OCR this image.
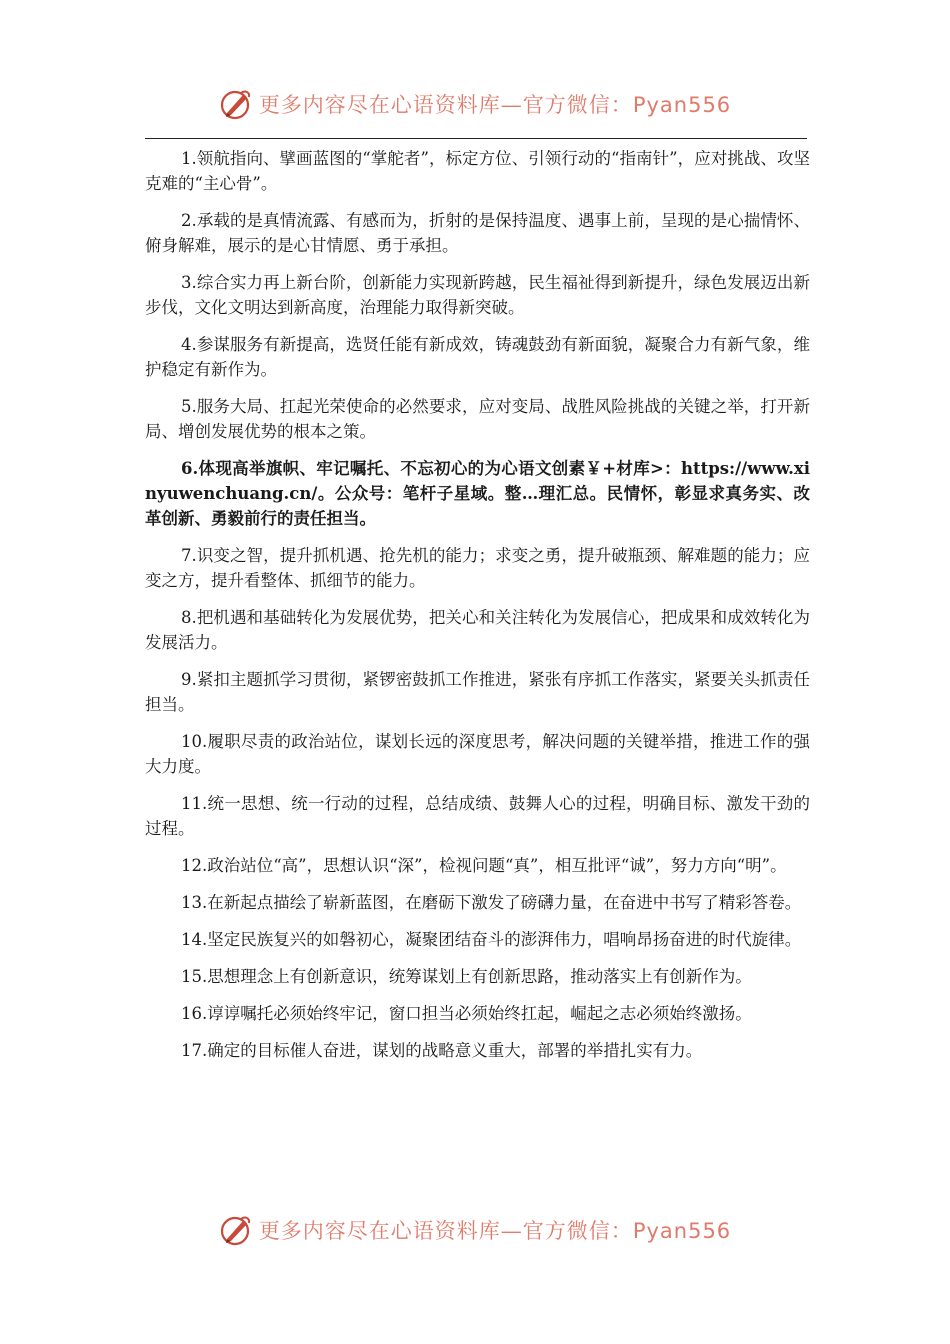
更多内容尽在心语资料库—官方微信：Pyan556

1.领航指向、擘画蓝图的“掌舵者”，标定方位、引领行动的“指南针”，应对挑战、攻坚克难的“主心骨”。

2.承载的是真情流露、有感而为，折射的是保持温度、遇事上前，呈现的是心揣情怀、俯身解难，展示的是心甘情愿、勇于承担。

3.综合实力再上新台阶，创新能力实现新跨越，民生福祉得到新提升，绿色发展迈出新步伐，文化文明达到新高度，治理能力取得新突破。

4.参谋服务有新提高，选贤任能有新成效，铸魂鼓劲有新面貌，凝聚合力有新气象，维护稳定有新作为。

5.服务大局、扛起光荣使命的必然要求，应对变局、战胜风险挑战的关键之举，打开新局、增创发展优势的根本之策。

6.体现高举旗帜、牢记嘱托、不忘初心的为心语文创素￥+材库>：https://www.xinyuwenchuang.cn/。公众号：笔杆子星域。整…理汇总。民情怀，彰显求真务实、改革创新、勇毅前行的责任担当。

7.识变之智，提升抓机遇、抢先机的能力；求变之勇，提升破瓶颈、解难题的能力；应变之方，提升看整体、抓细节的能力。

8.把机遇和基础转化为发展优势，把关心和关注转化为发展信心，把成果和成效转化为发展活力。

9.紧扣主题抓学习贯彻，紧锣密鼓抓工作推进，紧张有序抓工作落实，紧要关头抓责任担当。

10.履职尽责的政治站位，谋划长远的深度思考，解决问题的关键举措，推进工作的强大力度。

11.统一思想、统一行动的过程，总结成绩、鼓舞人心的过程，明确目标、激发干劲的过程。

12.政治站位“高”，思想认识“深”，检视问题“真”，相互批评“诚”，努力方向“明”。

13.在新起点描绘了崭新蓝图，在磨砺下激发了磅礴力量，在奋进中书写了精彩答卷。

14.坚定民族复兴的如磐初心，凝聚团结奋斗的澎湃伟力，唱响昂扬奋进的时代旋律。

15.思想理念上有创新意识，统筹谋划上有创新思路，推动落实上有创新作为。

16.谆谆嘱托必须始终牢记，窗口担当必须始终扛起，崛起之志必须始终激扬。

17.确定的目标催人奋进，谋划的战略意义重大，部署的举措扎实有力。

更多内容尽在心语资料库—官方微信：Pyan556
